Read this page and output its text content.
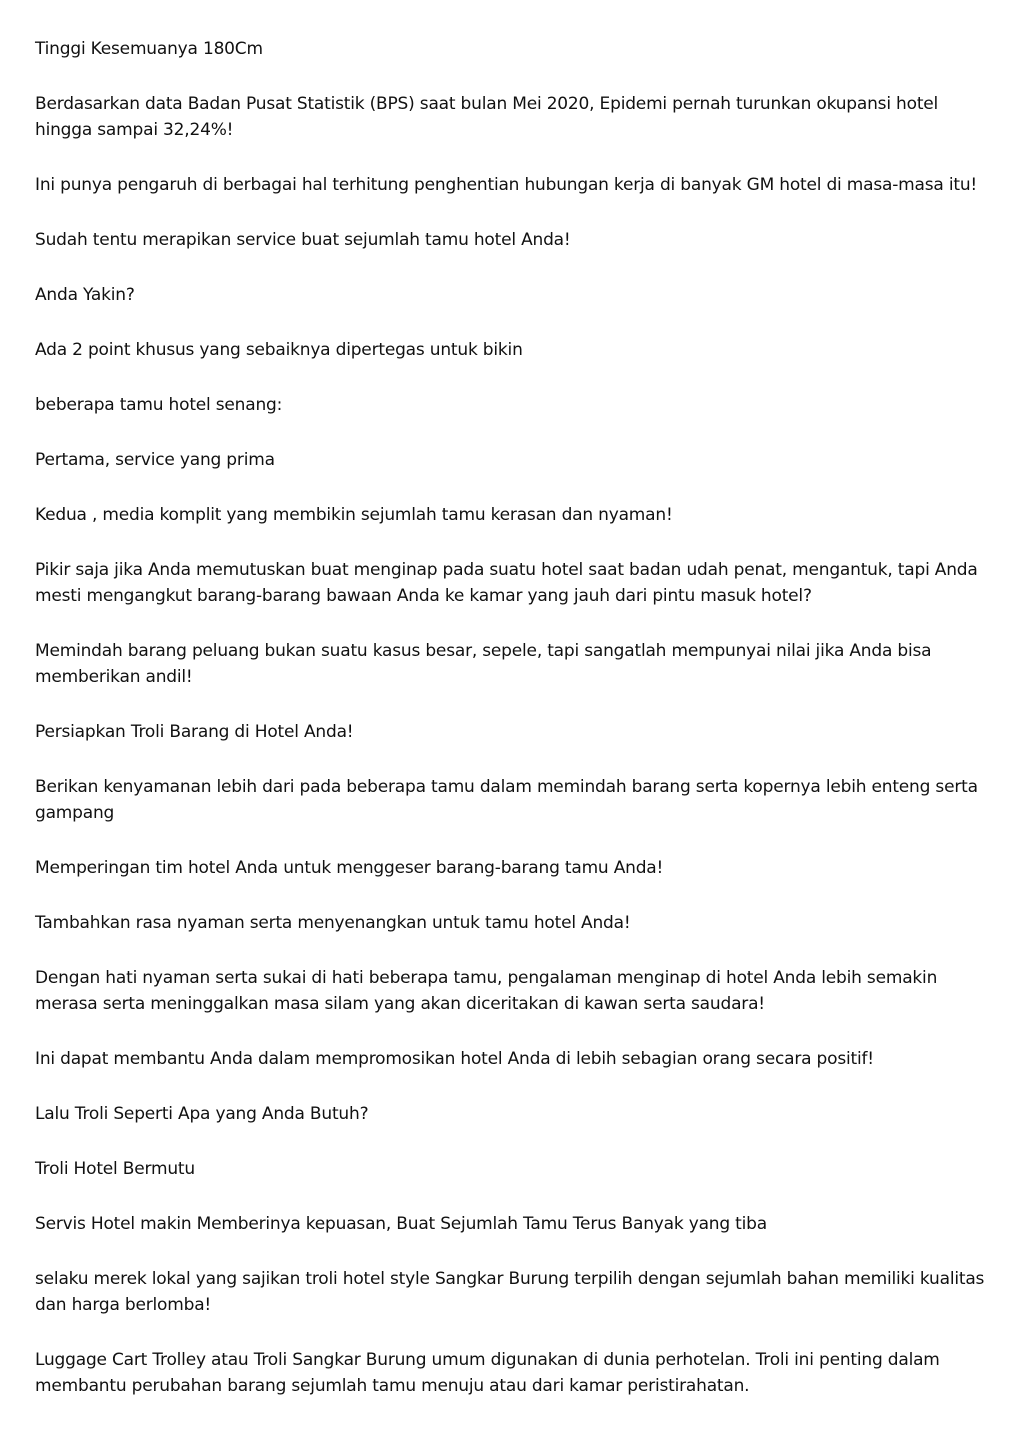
Tinggi Kesemuanya 180Cm

Berdasarkan data Badan Pusat Statistik (BPS) saat bulan Mei 2020, Epidemi pernah turunkan okupansi hotel hingga sampai 32,24%!

Ini punya pengaruh di berbagai hal terhitung penghentian hubungan kerja di banyak GM hotel di masa-masa itu!

Sudah tentu merapikan service buat sejumlah tamu hotel Anda!

Anda Yakin?

Ada 2 point khusus yang sebaiknya dipertegas untuk bikin

beberapa tamu hotel senang:

Pertama, service yang prima

Kedua , media komplit yang membikin sejumlah tamu kerasan dan nyaman!

Pikir saja jika Anda memutuskan buat menginap pada suatu hotel saat badan udah penat, mengantuk, tapi Anda mesti mengangkut barang-barang bawaan Anda ke kamar yang jauh dari pintu masuk hotel?

Memindah barang peluang bukan suatu kasus besar, sepele, tapi sangatlah mempunyai nilai jika Anda bisa memberikan andil!

Persiapkan Troli Barang di Hotel Anda!

Berikan kenyamanan lebih dari pada beberapa tamu dalam memindah barang serta kopernya lebih enteng serta gampang

Memperingan tim hotel Anda untuk menggeser barang-barang tamu Anda!

Tambahkan rasa nyaman serta menyenangkan untuk tamu hotel Anda!

Dengan hati nyaman serta sukai di hati beberapa tamu, pengalaman menginap di hotel Anda lebih semakin merasa serta meninggalkan masa silam yang akan diceritakan di kawan serta saudara!

Ini dapat membantu Anda dalam mempromosikan hotel Anda di lebih sebagian orang secara positif!

Lalu Troli Seperti Apa yang Anda Butuh?

Troli Hotel Bermutu

Servis Hotel makin Memberinya kepuasan, Buat Sejumlah Tamu Terus Banyak yang tiba

selaku merek lokal yang sajikan troli hotel style Sangkar Burung terpilih dengan sejumlah bahan memiliki kualitas dan harga berlomba!

Luggage Cart Trolley atau Troli Sangkar Burung umum digunakan di dunia perhotelan. Troli ini penting dalam membantu perubahan barang sejumlah tamu menuju atau dari kamar peristirahatan.
